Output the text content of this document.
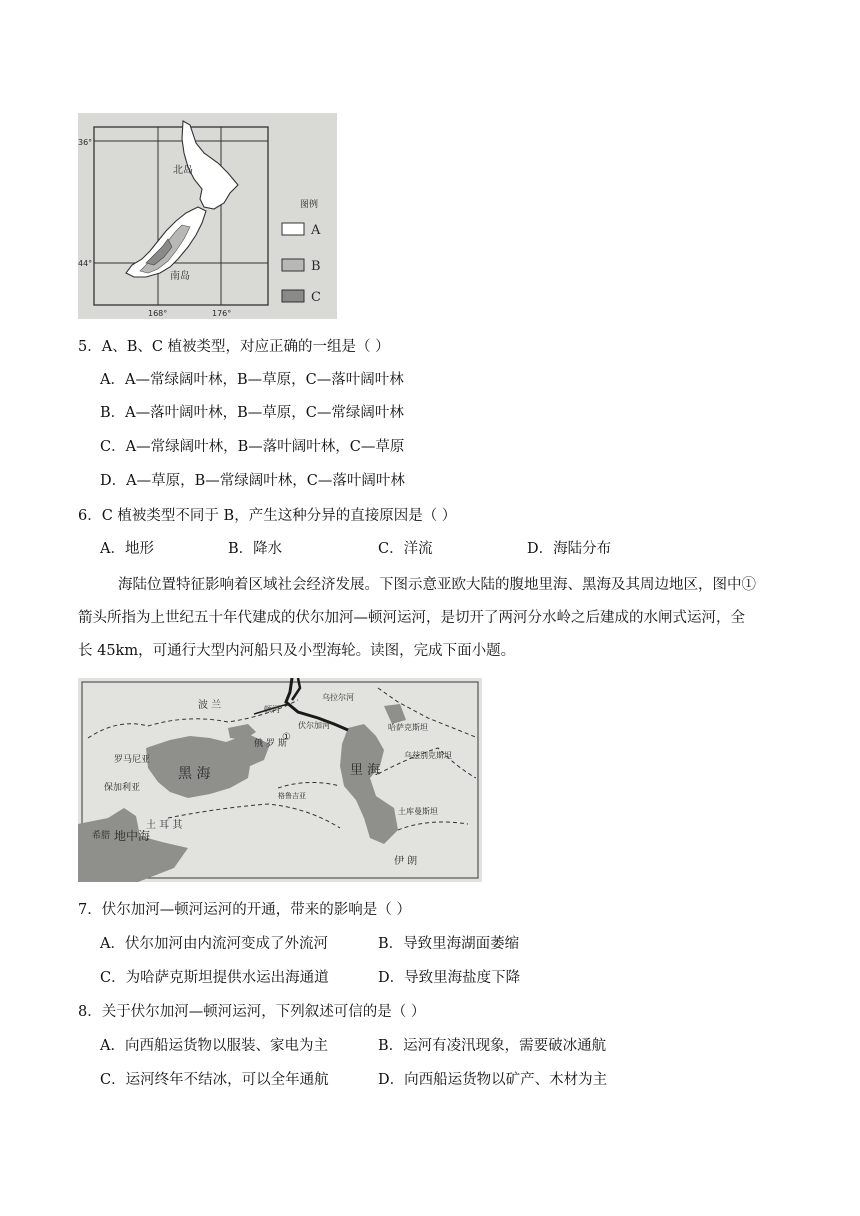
北岛
南岛
36°
44°
168°	176°
图例
A
B
C
5．A、B、C 植被类型，对应正确的一组是（ ）
A．A—常绿阔叶林，B—草原，C—落叶阔叶林
B．A—落叶阔叶林，B—草原，C—常绿阔叶林
C．A—常绿阔叶林，B—落叶阔叶林，C—草原
D．A—草原，B—常绿阔叶林，C—落叶阔叶林
6．C 植被类型不同于 B，产生这种分异的直接原因是（ ）
A．地形	B．降水	C．洋流	D．海陆分布
海陆位置特征影响着区域社会经济发展。下图示意亚欧大陆的腹地里海、黑海及其周边地区，图中①
箭头所指为上世纪五十年代建成的伏尔加河—顿河运河，是切开了两河分水岭之后建成的水闸式运河，全
长 45km，可通行大型内河船只及小型海轮。读图，完成下面小题。
波 兰
罗马尼亚
保加利亚
希腊 地中海
黑 海
土 耳 其
俄 罗 斯
顿河
伏尔加河
乌拉尔河
哈萨克斯坦
乌兹别克斯坦
土库曼斯坦
里 海
格鲁吉亚
伊 朗
①
7．伏尔加河—顿河运河的开通，带来的影响是（ ）
A．伏尔加河由内流河变成了外流河	B．导致里海湖面萎缩
C．为哈萨克斯坦提供水运出海通道	D．导致里海盐度下降
8．关于伏尔加河—顿河运河，下列叙述可信的是（ ）
A．向西船运货物以服装、家电为主	B．运河有凌汛现象，需要破冰通航
C．运河终年不结冰，可以全年通航	D．向西船运货物以矿产、木材为主
